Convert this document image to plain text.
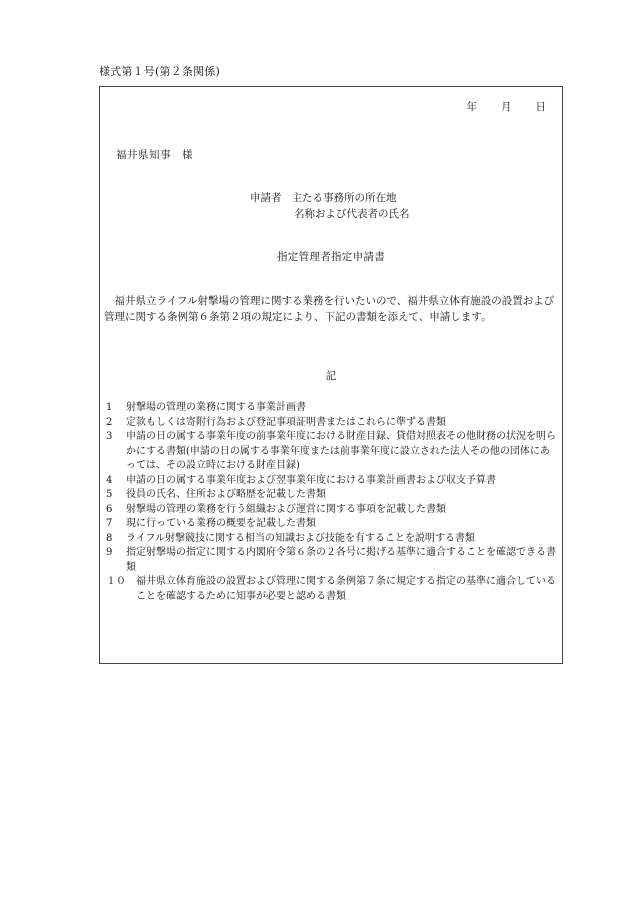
様式第１号(第２条関係)
年 月 日
福井県知事　様
申請者 主たる事務所の所在地
名称および代表者の氏名
指定管理者指定申請書
福井県立ライフル射撃場の管理に関する業務を行いたいので、福井県立体育施設の設置および管理に関する条例第６条第２項の規定により、下記の書類を添えて、申請します。
記
1 射撃場の管理の業務に関する事業計画書
2 定款もしくは寄附行為および登記事項証明書またはこれらに準ずる書類
3 申請の日の属する事業年度の前事業年度における財産目録、貸借対照表その他財務の状況を明らかにする書類(申請の日の属する事業年度または前事業年度に設立された法人その他の団体にあっては、その設立時における財産目録)
4 申請の日の属する事業年度および翌事業年度における事業計画書および収支予算書
5 役員の氏名、住所および略歴を記載した書類
6 射撃場の管理の業務を行う組織および運営に関する事項を記載した書類
7 現に行っている業務の概要を記載した書類
8 ライフル射撃競技に関する相当の知識および技能を有することを説明する書類
9 指定射撃場の指定に関する内閣府令第６条の２各号に掲げる基準に適合することを確認できる書類
１０ 福井県立体育施設の設置および管理に関する条例第７条に規定する指定の基準に適合していることを確認するために知事が必要と認める書類
